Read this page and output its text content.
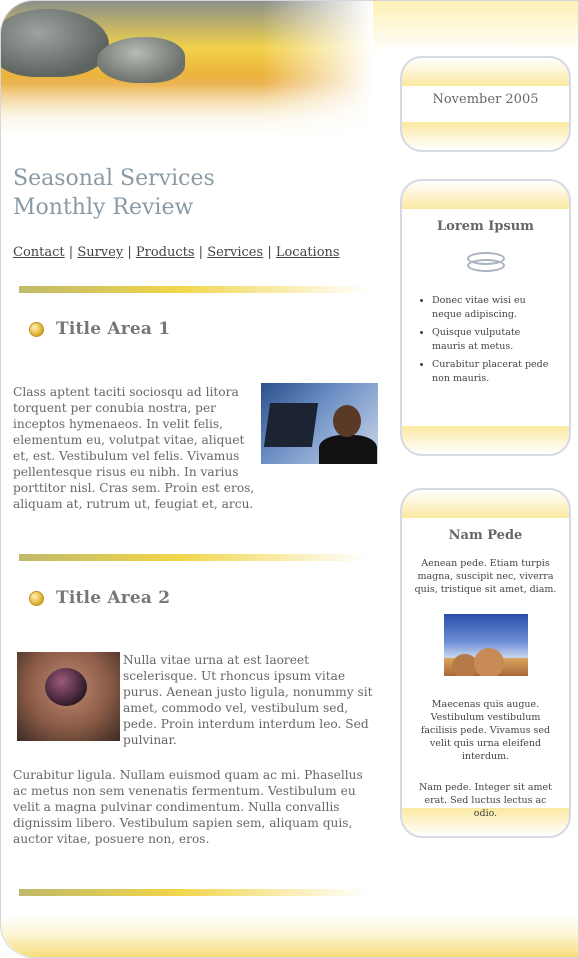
Seasonal Services
Monthly Review
Contact | Survey | Products | Services | Locations
Title Area 1

Class aptent taciti sociosqu ad litora torquent per conubia nostra, per inceptos hymenaeos. In velit felis, elementum eu, volutpat vitae, aliquet et, est. Vestibulum vel felis. Vivamus pellentesque risus eu nibh. In varius porttitor nisl. Cras sem. Proin est eros, aliquam at, rutrum ut, feugiat et, arcu.

Title Area 2

Nulla vitae urna at est laoreet scelerisque. Ut rhoncus ipsum vitae purus. Aenean justo ligula, nonummy sit amet, commodo vel, vestibulum sed, pede. Proin interdum interdum leo. Sed pulvinar.

Curabitur ligula. Nullam euismod quam ac mi. Phasellus ac metus non sem venenatis fermentum. Vestibulum eu velit a magna pulvinar condimentum. Nulla convallis dignissim libero. Vestibulum sapien sem, aliquam quis, auctor vitae, posuere non, eros.

November 2005
Lorem Ipsum
• Donec vitae wisi eu neque adipiscing.
• Quisque vulputate mauris at metus.
• Curabitur placerat pede non mauris.
Nam Pede

Aenean pede. Etiam turpis magna, suscipit nec, viverra quis, tristique sit amet, diam.

Maecenas quis augue. Vestibulum vestibulum facilisis pede. Vivamus sed velit quis urna eleifend interdum.

Nam pede. Integer sit amet erat. Sed luctus lectus ac odio.
